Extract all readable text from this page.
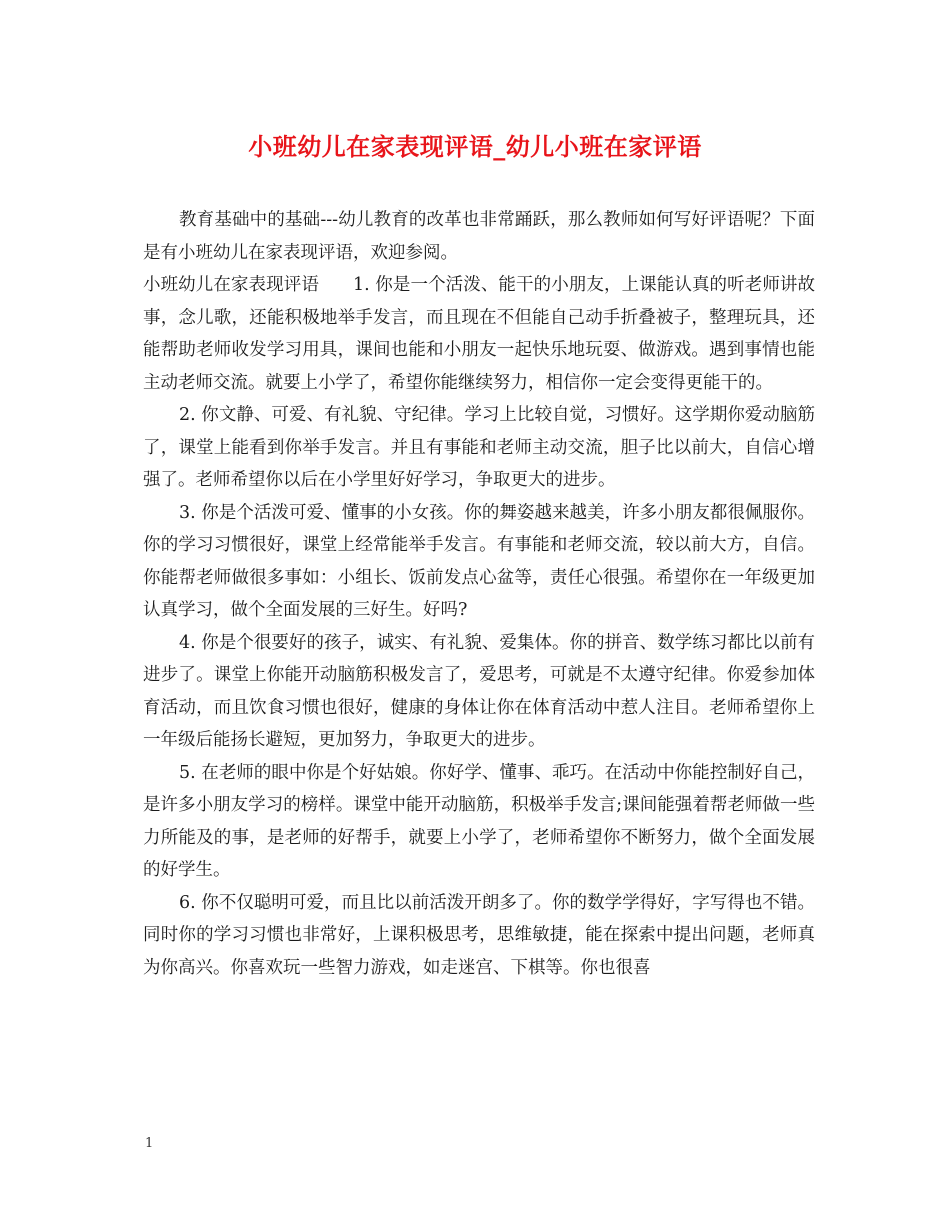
小班幼儿在家表现评语_幼儿小班在家评语

教育基础中的基础---幼儿教育的改革也非常踊跃，那么教师如何写好评语呢？下面是有小班幼儿在家表现评语，欢迎参阅。

小班幼儿在家表现评语 1. 你是一个活泼、能干的小朋友，上课能认真的听老师讲故事，念儿歌，还能积极地举手发言，而且现在不但能自己动手折叠被子，整理玩具，还能帮助老师收发学习用具，课间也能和小朋友一起快乐地玩耍、做游戏。遇到事情也能主动老师交流。就要上小学了，希望你能继续努力，相信你一定会变得更能干的。

2. 你文静、可爱、有礼貌、守纪律。学习上比较自觉，习惯好。这学期你爱动脑筋了，课堂上能看到你举手发言。并且有事能和老师主动交流，胆子比以前大，自信心增强了。老师希望你以后在小学里好好学习，争取更大的进步。

3. 你是个活泼可爱、懂事的小女孩。你的舞姿越来越美，许多小朋友都很佩服你。你的学习习惯很好，课堂上经常能举手发言。有事能和老师交流，较以前大方，自信。你能帮老师做很多事如：小组长、饭前发点心盆等，责任心很强。希望你在一年级更加认真学习，做个全面发展的三好生。好吗?

4. 你是个很要好的孩子，诚实、有礼貌、爱集体。你的拼音、数学练习都比以前有进步了。课堂上你能开动脑筋积极发言了，爱思考，可就是不太遵守纪律。你爱参加体育活动，而且饮食习惯也很好，健康的身体让你在体育活动中惹人注目。老师希望你上一年级后能扬长避短，更加努力，争取更大的进步。

5. 在老师的眼中你是个好姑娘。你好学、懂事、乖巧。在活动中你能控制好自己，是许多小朋友学习的榜样。课堂中能开动脑筋，积极举手发言;课间能强着帮老师做一些力所能及的事，是老师的好帮手，就要上小学了，老师希望你不断努力，做个全面发展的好学生。

6. 你不仅聪明可爱，而且比以前活泼开朗多了。你的数学学得好，字写得也不错。同时你的学习习惯也非常好，上课积极思考，思维敏捷，能在探索中提出问题，老师真为你高兴。你喜欢玩一些智力游戏，如走迷宫、下棋等。你也很喜

1
